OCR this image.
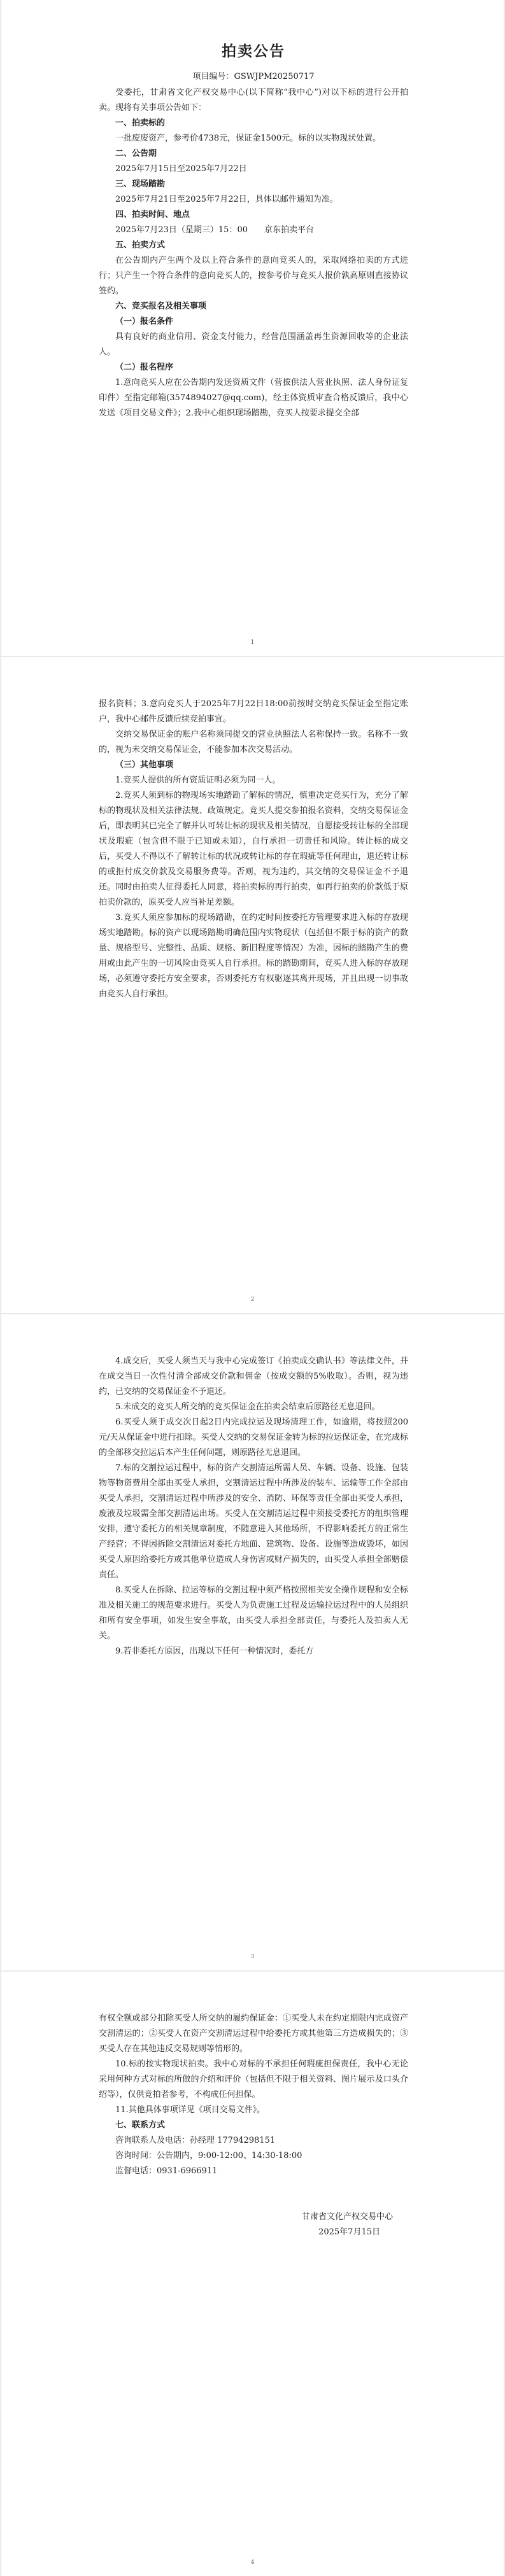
拍卖公告
项目编号：GSWJPM20250717

受委托，甘肃省文化产权交易中心(以下简称“我中心”)对以下标的进行公开拍卖。现将有关事项公告如下：

一、拍卖标的

一批废废资产，参考价4738元，保证金1500元。标的以实物现状处置。

二、公告期

2025年7月15日至2025年7月22日

三、现场踏勘

2025年7月21日至2025年7月22日，具体以邮件通知为准。

四、拍卖时间、地点

2025年7月23日（星期三）15：00　　京东拍卖平台

五、拍卖方式

在公告期内产生两个及以上符合条件的意向竞买人的，采取网络拍卖的方式进行；只产生一个符合条件的意向竞买人的，按参考价与竞买人报价孰高原则直接协议签约。

六、竞买报名及相关事项
（一）报名条件

具有良好的商业信用、资金支付能力，经营范围涵盖再生资源回收等的企业法人。

（二）报名程序

1.意向竞买人应在公告期内发送资质文件（营拔供法人营业执照、法人身份证复印件）至指定邮箱(3574894027@qq.com)，经主体资质审查合格反馈后，我中心发送《项目交易文件》；2.我中心组织现场踏勘，竞买人按要求提交全部

1

报名资料；3.意向竞买人于2025年7月22日18:00前按时交纳竞买保证金至指定账户，我中心邮件反馈后续竞拍事宜。

交纳交易保证金的账户名称须同提交的营业执照法人名称保持一致。名称不一致的，视为未交纳交易保证金，不能参加本次交易活动。

（三）其他事项

1.竞买人提供的所有资质证明必须为同一人。

2.竞买人须到标的物现场实地踏勘了解标的情况，慎重决定竞买行为，充分了解标的物现状及相关法律法规、政策规定。竞买人提交参拍报名资料，交纳交易保证金后，即表明其已完全了解并认可转让标的现状及相关情况，自愿接受转让标的全部现状及瑕疵（包含但不限于已知或未知），自行承担一切责任和风险。转让标的成交后，买受人不得以不了解转让标的状况或转让标的存在瑕疵等任何理由，退还转让标的或拒付成交价款及交易服务费等。否则，视为违约，其交纳的交易保证金不予退还。同时由拍卖人征得委托人同意，将拍卖标的再行拍卖，如再行拍卖的价款低于原拍卖价款的，原买受人应当补足差额。

3.竞买人须应参加标的现场踏勘，在约定时间按委托方管理要求进入标的存放现场实地踏勘。标的资产以现场踏勘明确范围内实物现状（包括但不限于标的资产的数量、规格型号、完整性、品质、规格、新旧程度等情况）为准，因标的踏勘产生的费用或由此产生的一切风险由竞买人自行承担。标的踏勘期间，竞买人进入标的存放现场，必须遵守委托方安全要求，否则委托方有权驱逐其离开现场，并且出现一切事故由竞买人自行承担。

2

4.成交后，买受人须当天与我中心完成签订《拍卖成交确认书》等法律文件，并在成交当日一次性付清全部成交价款和佣金（按成交额的5%收取）。否则，视为违约，已交纳的交易保证金不予退还。

5.未成交的竞买人所交纳的竞买保证金在拍卖会结束后原路径无息退回。

6.买受人须于成交次日起2日内完成拉运及现场清理工作，如逾期，将按照200元/天从保证金中进行扣除。买受人交纳的交易保证金转为标的拉运保证金，在完成标的全部移交拉运后本产生任何问题，则原路径无息退回。

7.标的交割拉运过程中，标的资产交割清运所需人员、车辆、设备、设施、包装物等物资费用全部由买受人承担，交割清运过程中所涉及的装车、运输等工作全部由买受人承担，交割清运过程中所涉及的安全、消防、环保等责任全部由买受人承担，废液及垃圾需全部交割清运出场。买受人在交割清运过程中须接受委托方的组织管理安排，遵守委托方的相关规章制度，不随意进入其他场所，不得影响委托方的正常生产经营；不得因拆除交割清运对委托方地面、建筑物、设备、设施等造成毁坏，如因买受人原因给委托方或其他单位造成人身伤害或财产损失的，由买受人承担全部赔偿责任。

8.买受人在拆除、拉运等标的交割过程中须严格按照相关安全操作规程和安全标准及相关施工的规范要求进行。买受人为负责施工过程及运输拉运过程中的人员组织和所有安全事项，如发生安全事故，由买受人承担全部责任，与委托人及拍卖人无关。

9.若非委托方原因，出现以下任何一种情况时，委托方

3

有权全额或部分扣除买受人所交纳的履约保证金：①买受人未在约定期限内完成资产交割清运的；②买受人在资产交割清运过程中给委托方或其他第三方造成损失的；③买受人存在其他违反交易规则等情形的。

10.标的按实物现状拍卖。我中心对标的不承担任何瑕疵担保责任，我中心无论采用何种方式对标的所做的介绍和评价（包括但不限于相关资料、图片展示及口头介绍等），仅供竞拍者参考，不构成任何担保。

11.其他具体事项详见《项目交易文件》。

七、联系方式

咨询联系人及电话：孙经理 17794298151

咨询时间：公告期内，9:00-12:00、14:30-18:00

监督电话：0931-6966911

甘肃省文化产权交易中心

2025年7月15日

4
